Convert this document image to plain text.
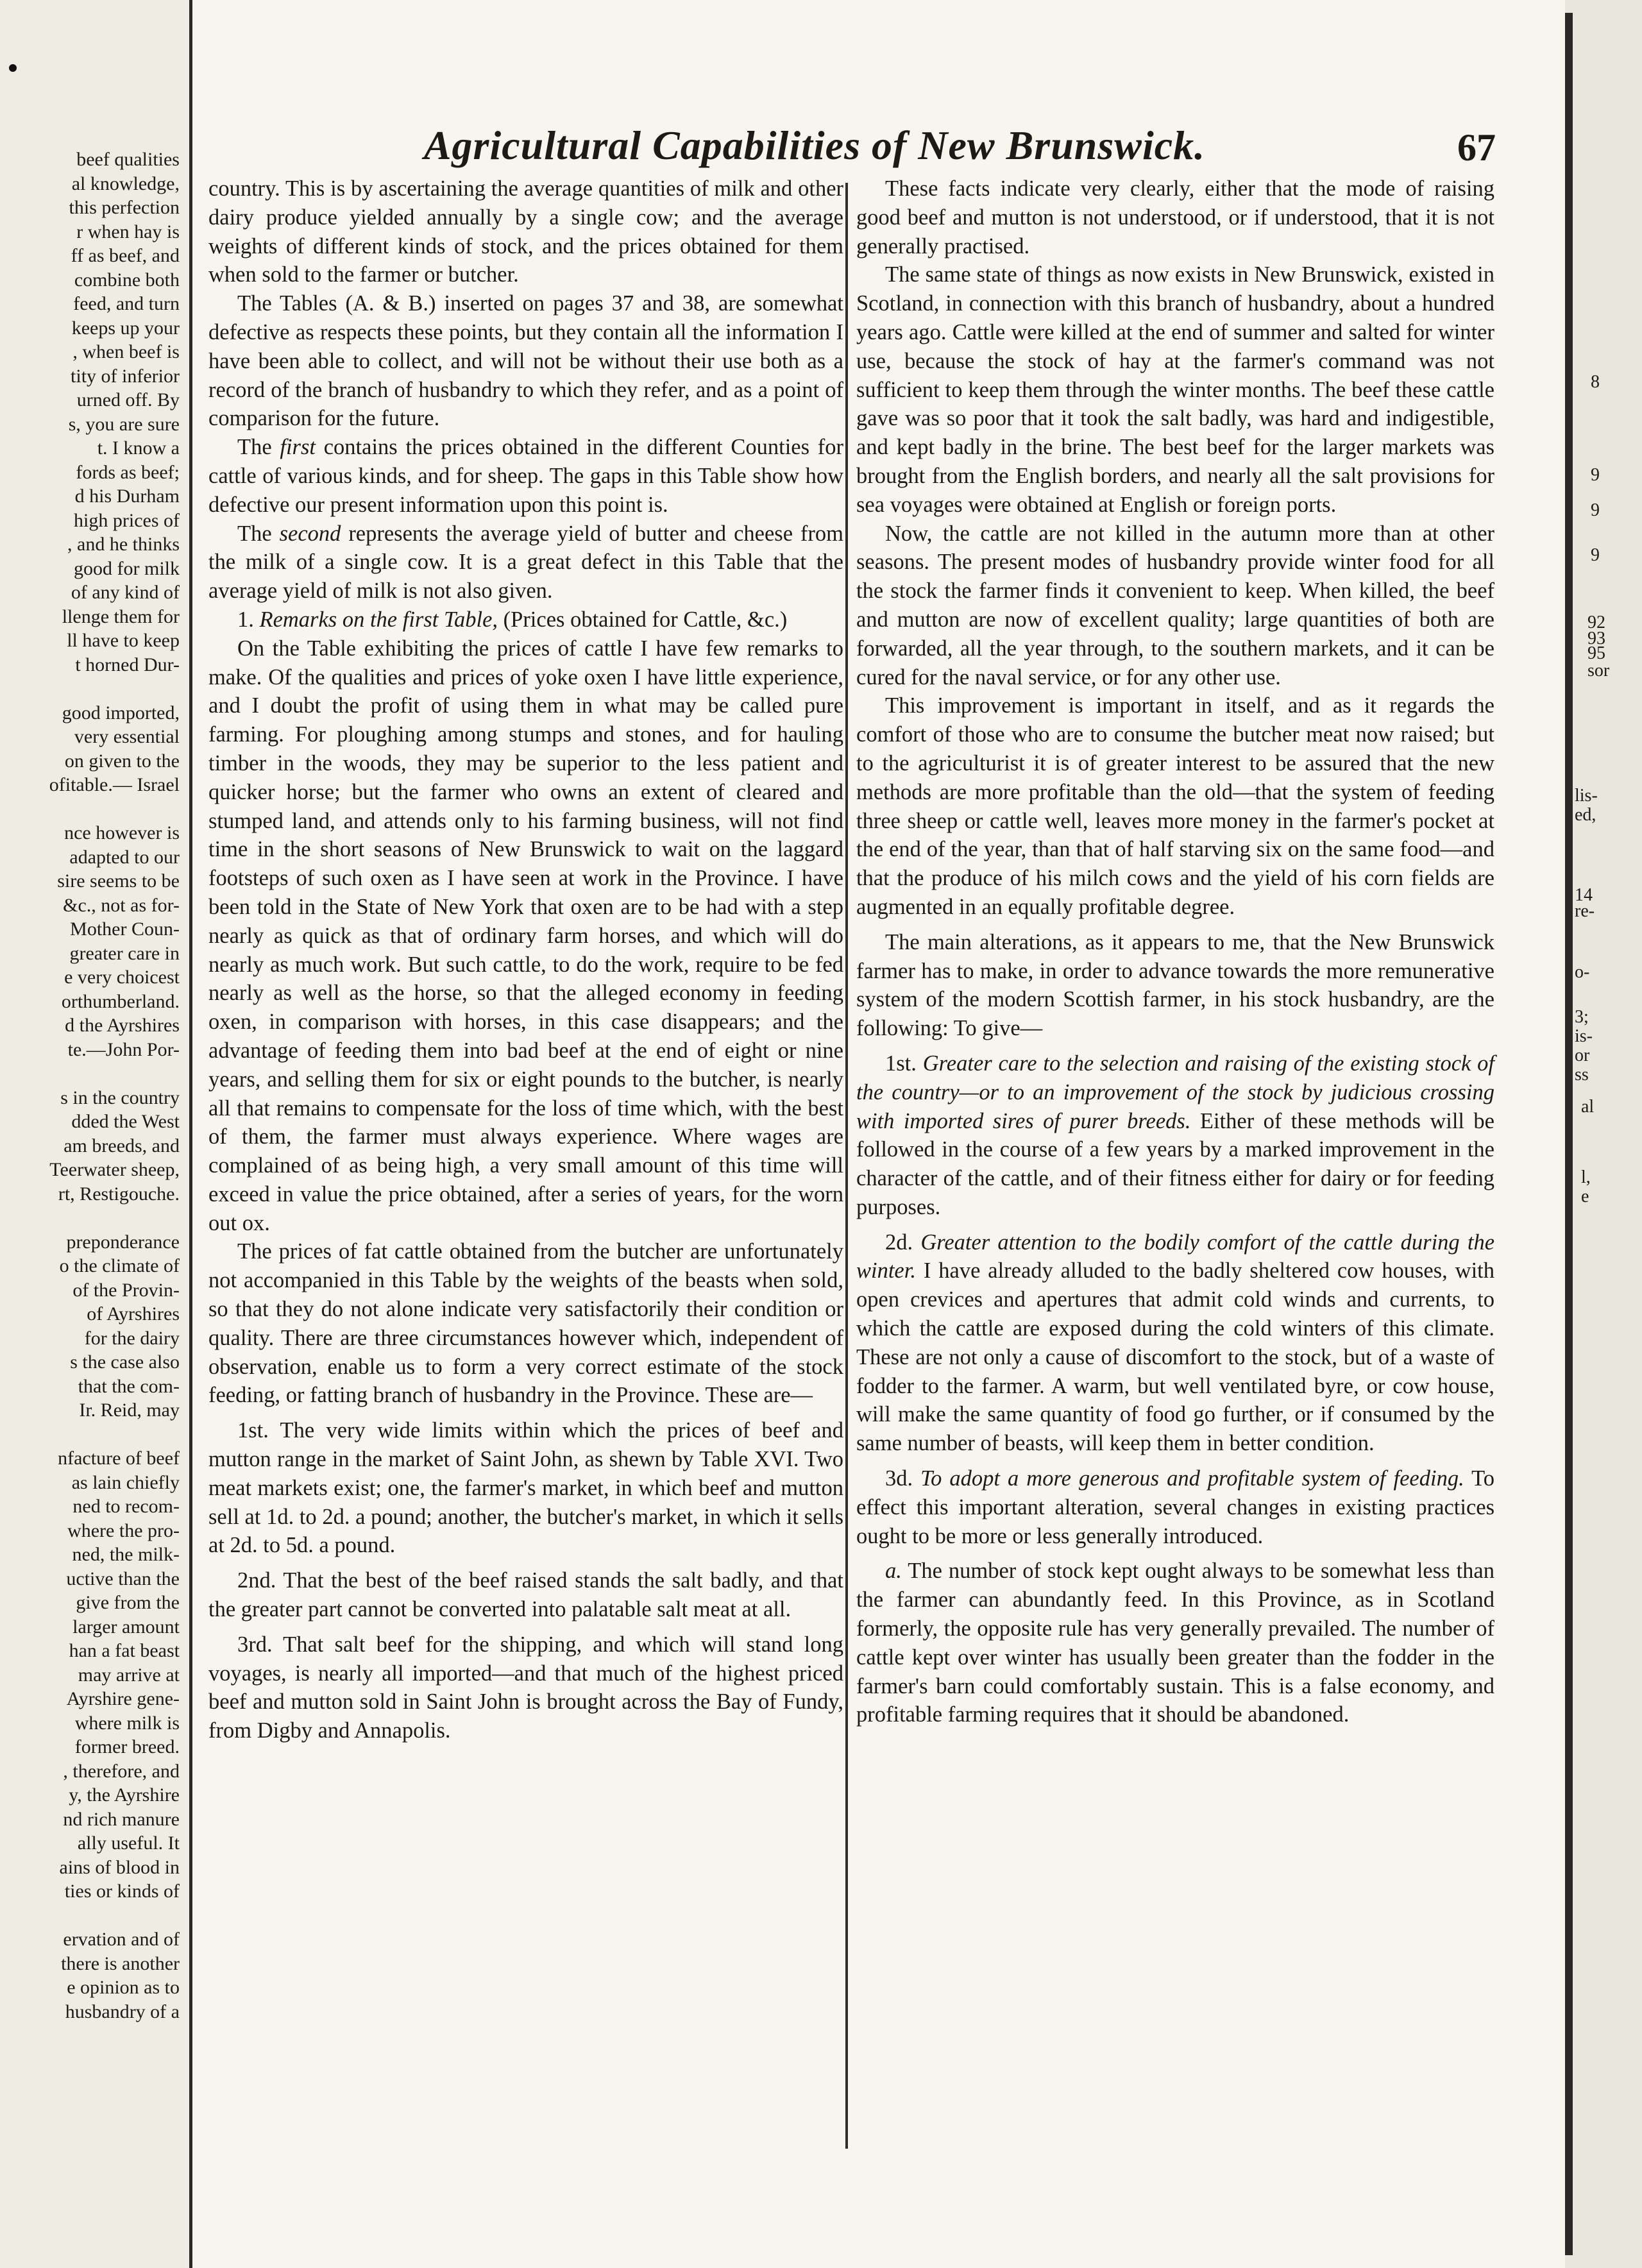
beef qualities
al knowledge,
this perfection
r when hay is
ff as beef, and
combine both
feed, and turn
keeps up your
, when beef is
tity of inferior
urned off. By
s, you are sure
t. I know a
fords as beef;
d his Durham
high prices of
, and he thinks
good for milk
of any kind of
llenge them for
ll have to keep
t horned Dur-
good imported,
very essential
on given to the
ofitable.— Israel
nce however is
adapted to our
sire seems to be
&c., not as for-
Mother Coun-
greater care in
e very choicest
orthumberland.
d the Ayrshires
te.—John Por-
s in the country
dded the West
am breeds, and
Teerwater sheep,
rt, Restigouche.
preponderance
o the climate of
of the Provin-
of Ayrshires
for the dairy
s the case also
that the com-
Ir. Reid, may
nfacture of beef
as lain chiefly
ned to recom-
where the pro-
ned, the milk-
uctive than the
give from the
larger amount
han a fat beast
may arrive at
Ayrshire gene-
where milk is
former breed.
, therefore, and
y, the Ayrshire
nd rich manure
ally useful. It
ains of blood in
ties or kinds of
ervation and of
there is another
e opinion as to
husbandry of a
8
9
9
9
92
93
95
sor
lis-
ed,
14
re-
o-
3;
is-
or
ss
al
l,
e
Agricultural Capabilities of New Brunswick.	67

country. This is by ascertaining the average quantities of milk and other dairy produce yielded annually by a single cow; and the average weights of different kinds of stock, and the prices obtained for them when sold to the farmer or butcher.

The Tables (A. & B.) inserted on pages 37 and 38, are somewhat defective as respects these points, but they contain all the information I have been able to collect, and will not be without their use both as a record of the branch of husbandry to which they refer, and as a point of comparison for the future.

The first contains the prices obtained in the different Counties for cattle of various kinds, and for sheep. The gaps in this Table show how defective our present information upon this point is.

The second represents the average yield of butter and cheese from the milk of a single cow. It is a great defect in this Table that the average yield of milk is not also given.

1. Remarks on the first Table, (Prices obtained for Cattle, &c.)

On the Table exhibiting the prices of cattle I have few remarks to make. Of the qualities and prices of yoke oxen I have little experience, and I doubt the profit of using them in what may be called pure farming. For ploughing among stumps and stones, and for hauling timber in the woods, they may be superior to the less patient and quicker horse; but the farmer who owns an extent of cleared and stumped land, and attends only to his farming business, will not find time in the short seasons of New Brunswick to wait on the laggard footsteps of such oxen as I have seen at work in the Province. I have been told in the State of New York that oxen are to be had with a step nearly as quick as that of ordinary farm horses, and which will do nearly as much work. But such cattle, to do the work, require to be fed nearly as well as the horse, so that the alleged economy in feeding oxen, in comparison with horses, in this case disappears; and the advantage of feeding them into bad beef at the end of eight or nine years, and selling them for six or eight pounds to the butcher, is nearly all that remains to compensate for the loss of time which, with the best of them, the farmer must always experience. Where wages are complained of as being high, a very small amount of this time will exceed in value the price obtained, after a series of years, for the worn out ox.

The prices of fat cattle obtained from the butcher are unfortunately not accompanied in this Table by the weights of the beasts when sold, so that they do not alone indicate very satisfactorily their condition or quality. There are three circumstances however which, independent of observation, enable us to form a very correct estimate of the stock feeding, or fatting branch of husbandry in the Province. These are—

1st. The very wide limits within which the prices of beef and mutton range in the market of Saint John, as shewn by Table XVI. Two meat markets exist; one, the farmer's market, in which beef and mutton sell at 1d. to 2d. a pound; another, the butcher's market, in which it sells at 2d. to 5d. a pound.

2nd. That the best of the beef raised stands the salt badly, and that the greater part cannot be converted into palatable salt meat at all.

3rd. That salt beef for the shipping, and which will stand long voyages, is nearly all imported—and that much of the highest priced beef and mutton sold in Saint John is brought across the Bay of Fundy, from Digby and Annapolis.

These facts indicate very clearly, either that the mode of raising good beef and mutton is not understood, or if understood, that it is not generally practised.

The same state of things as now exists in New Brunswick, existed in Scotland, in connection with this branch of husbandry, about a hundred years ago. Cattle were killed at the end of summer and salted for winter use, because the stock of hay at the farmer's command was not sufficient to keep them through the winter months. The beef these cattle gave was so poor that it took the salt badly, was hard and indigestible, and kept badly in the brine. The best beef for the larger markets was brought from the English borders, and nearly all the salt provisions for sea voyages were obtained at English or foreign ports.

Now, the cattle are not killed in the autumn more than at other seasons. The present modes of husbandry provide winter food for all the stock the farmer finds it convenient to keep. When killed, the beef and mutton are now of excellent quality; large quantities of both are forwarded, all the year through, to the southern markets, and it can be cured for the naval service, or for any other use.

This improvement is important in itself, and as it regards the comfort of those who are to consume the butcher meat now raised; but to the agriculturist it is of greater interest to be assured that the new methods are more profitable than the old—that the system of feeding three sheep or cattle well, leaves more money in the farmer's pocket at the end of the year, than that of half starving six on the same food—and that the produce of his milch cows and the yield of his corn fields are augmented in an equally profitable degree.

The main alterations, as it appears to me, that the New Brunswick farmer has to make, in order to advance towards the more remunerative system of the modern Scottish farmer, in his stock husbandry, are the following: To give—

1st. Greater care to the selection and raising of the existing stock of the country—or to an improvement of the stock by judicious crossing with imported sires of purer breeds. Either of these methods will be followed in the course of a few years by a marked improvement in the character of the cattle, and of their fitness either for dairy or for feeding purposes.

2d. Greater attention to the bodily comfort of the cattle during the winter. I have already alluded to the badly sheltered cow houses, with open crevices and apertures that admit cold winds and currents, to which the cattle are exposed during the cold winters of this climate. These are not only a cause of discomfort to the stock, but of a waste of fodder to the farmer. A warm, but well ventilated byre, or cow house, will make the same quantity of food go further, or if consumed by the same number of beasts, will keep them in better condition.

3d. To adopt a more generous and profitable system of feeding. To effect this important alteration, several changes in existing practices ought to be more or less generally introduced.

a. The number of stock kept ought always to be somewhat less than the farmer can abundantly feed. In this Province, as in Scotland formerly, the opposite rule has very generally prevailed. The number of cattle kept over winter has usually been greater than the fodder in the farmer's barn could comfortably sustain. This is a false economy, and profitable farming requires that it should be abandoned.
